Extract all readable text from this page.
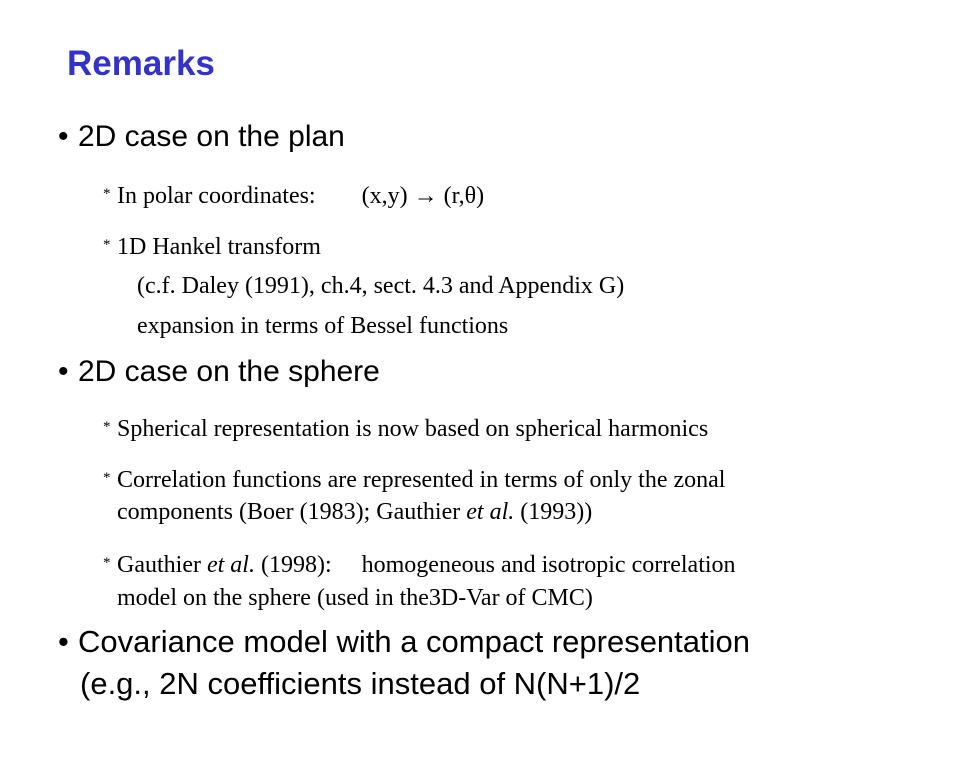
Remarks
• 2D case on the plan
* In polar coordinates: (x,y) → (r,θ)
* 1D Hankel transform
(c.f. Daley (1991), ch.4, sect. 4.3 and Appendix G)
expansion in terms of Bessel functions
• 2D case on the sphere
* Spherical representation is now based on spherical harmonics
* Correlation functions are represented in terms of only the zonal
components (Boer (1983); Gauthier et al. (1993))
* Gauthier et al. (1998): homogeneous and isotropic correlation
model on the sphere (used in the3D-Var of CMC)
• Covariance model with a compact representation
(e.g., 2N coefficients instead of N(N+1)/2
